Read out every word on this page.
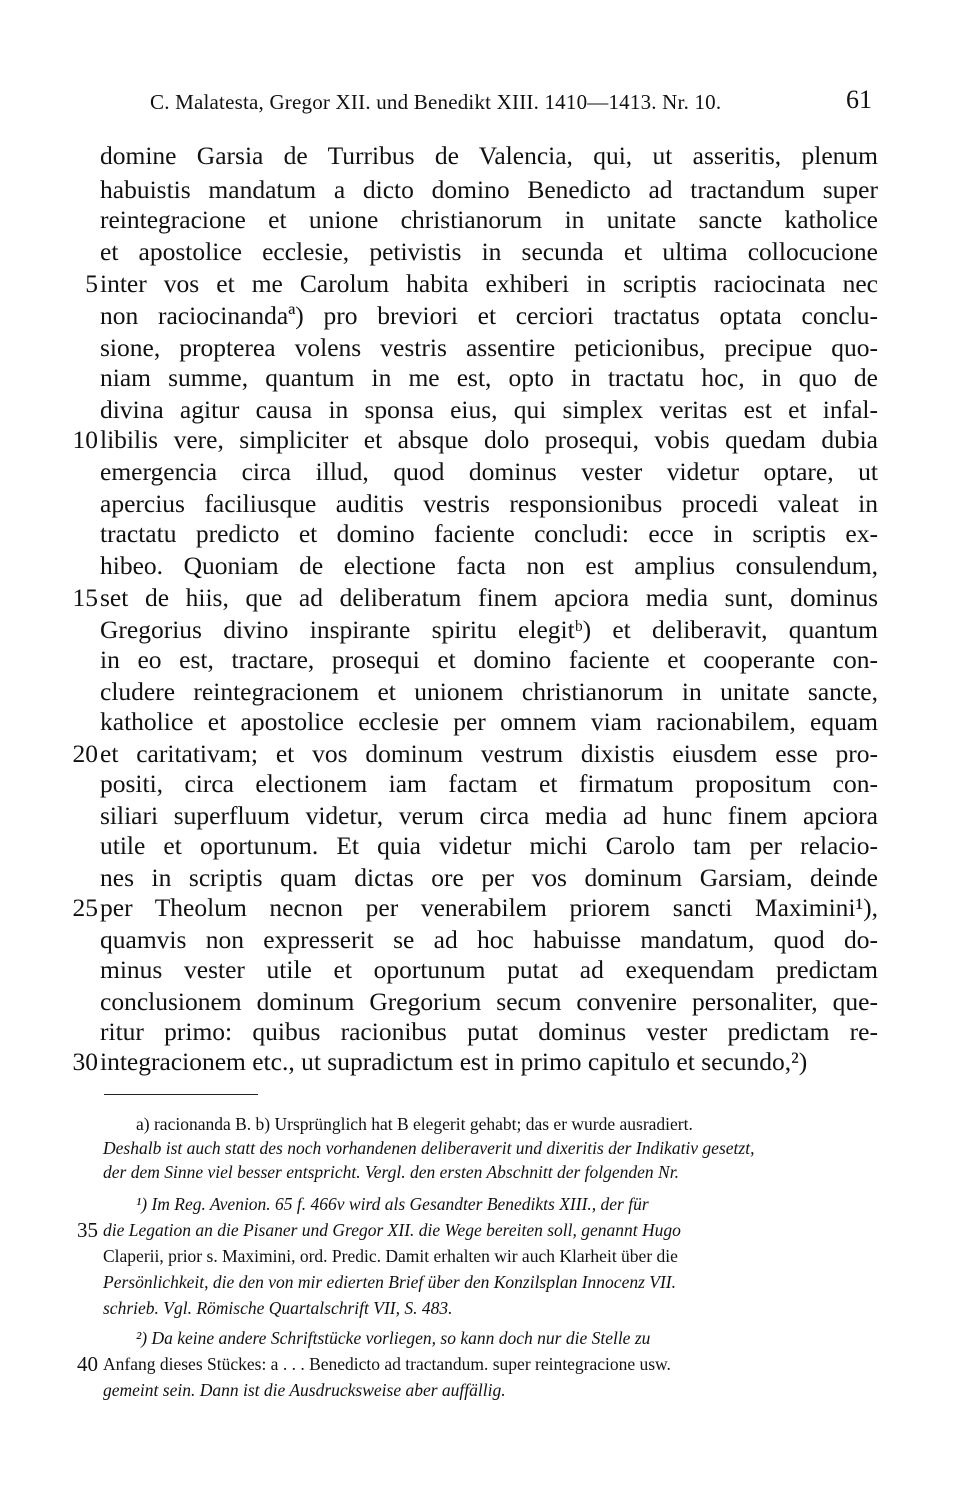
C. Malatesta, Gregor XII. und Benedikt XIII. 1410—1413. Nr. 10.	61
domine Garsia de Turribus de Valencia, qui, ut asseritis, plenum
habuistis mandatum a dicto domino Benedicto ad tractandum super
reintegracione et unione christianorum in unitate sancte katholice
et apostolice ecclesie, petivistis in secunda et ultima collocucione
inter vos et me Carolum habita exhiberi in scriptis raciocinata nec
non raciocinandaª) pro breviori et cerciori tractatus optata conclu-
sione, propterea volens vestris assentire peticionibus, precipue quo-
niam summe, quantum in me est, opto in tractatu hoc, in quo de
divina agitur causa in sponsa eius, qui simplex veritas est et infal-
libilis vere, simpliciter et absque dolo prosequi, vobis quedam dubia
emergencia circa illud, quod dominus vester videtur optare, ut
apercius faciliusque auditis vestris responsionibus procedi valeat in
tractatu predicto et domino faciente concludi: ecce in scriptis ex-
hibeo. Quoniam de electione facta non est amplius consulendum,
set de hiis, que ad deliberatum finem apciora media sunt, dominus
Gregorius divino inspirante spiritu elegitᵇ) et deliberavit, quantum
in eo est, tractare, prosequi et domino faciente et cooperante con-
cludere reintegracionem et unionem christianorum in unitate sancte,
katholice et apostolice ecclesie per omnem viam racionabilem, equam
et caritativam; et vos dominum vestrum dixistis eiusdem esse pro-
positi, circa electionem iam factam et firmatum propositum con-
siliari superfluum videtur, verum circa media ad hunc finem apciora
utile et oportunum. Et quia videtur michi Carolo tam per relacio-
nes in scriptis quam dictas ore per vos dominum Garsiam, deinde
per Theolum necnon per venerabilem priorem sancti Maximini¹),
quamvis non expresserit se ad hoc habuisse mandatum, quod do-
minus vester utile et oportunum putat ad exequendam predictam
conclusionem dominum Gregorium secum convenire personaliter, que-
ritur primo: quibus racionibus putat dominus vester predictam re-
integracionem etc., ut supradictum est in primo capitulo et secundo,²)
5
10
15
20
25
30
a) racionanda B. b) Ursprünglich hat B elegerit gehabt; das er wurde ausradiert.
Deshalb ist auch statt des noch vorhandenen deliberaverit und dixeritis der Indikativ gesetzt,
der dem Sinne viel besser entspricht. Vergl. den ersten Abschnitt der folgenden Nr.
¹) Im Reg. Avenion. 65 f. 466v wird als Gesandter Benedikts XIII., der für
die Legation an die Pisaner und Gregor XII. die Wege bereiten soll, genannt Hugo
Claperii, prior s. Maximini, ord. Predic. Damit erhalten wir auch Klarheit über die
Persönlichkeit, die den von mir edierten Brief über den Konzilsplan Innocenz VII.
schrieb. Vgl. Römische Quartalschrift VII, S. 483.
²) Da keine andere Schriftstücke vorliegen, so kann doch nur die Stelle zu
Anfang dieses Stückes: a . . . Benedicto ad tractandum. super reintegracione usw.
gemeint sein. Dann ist die Ausdrucksweise aber auffällig.
35
40
